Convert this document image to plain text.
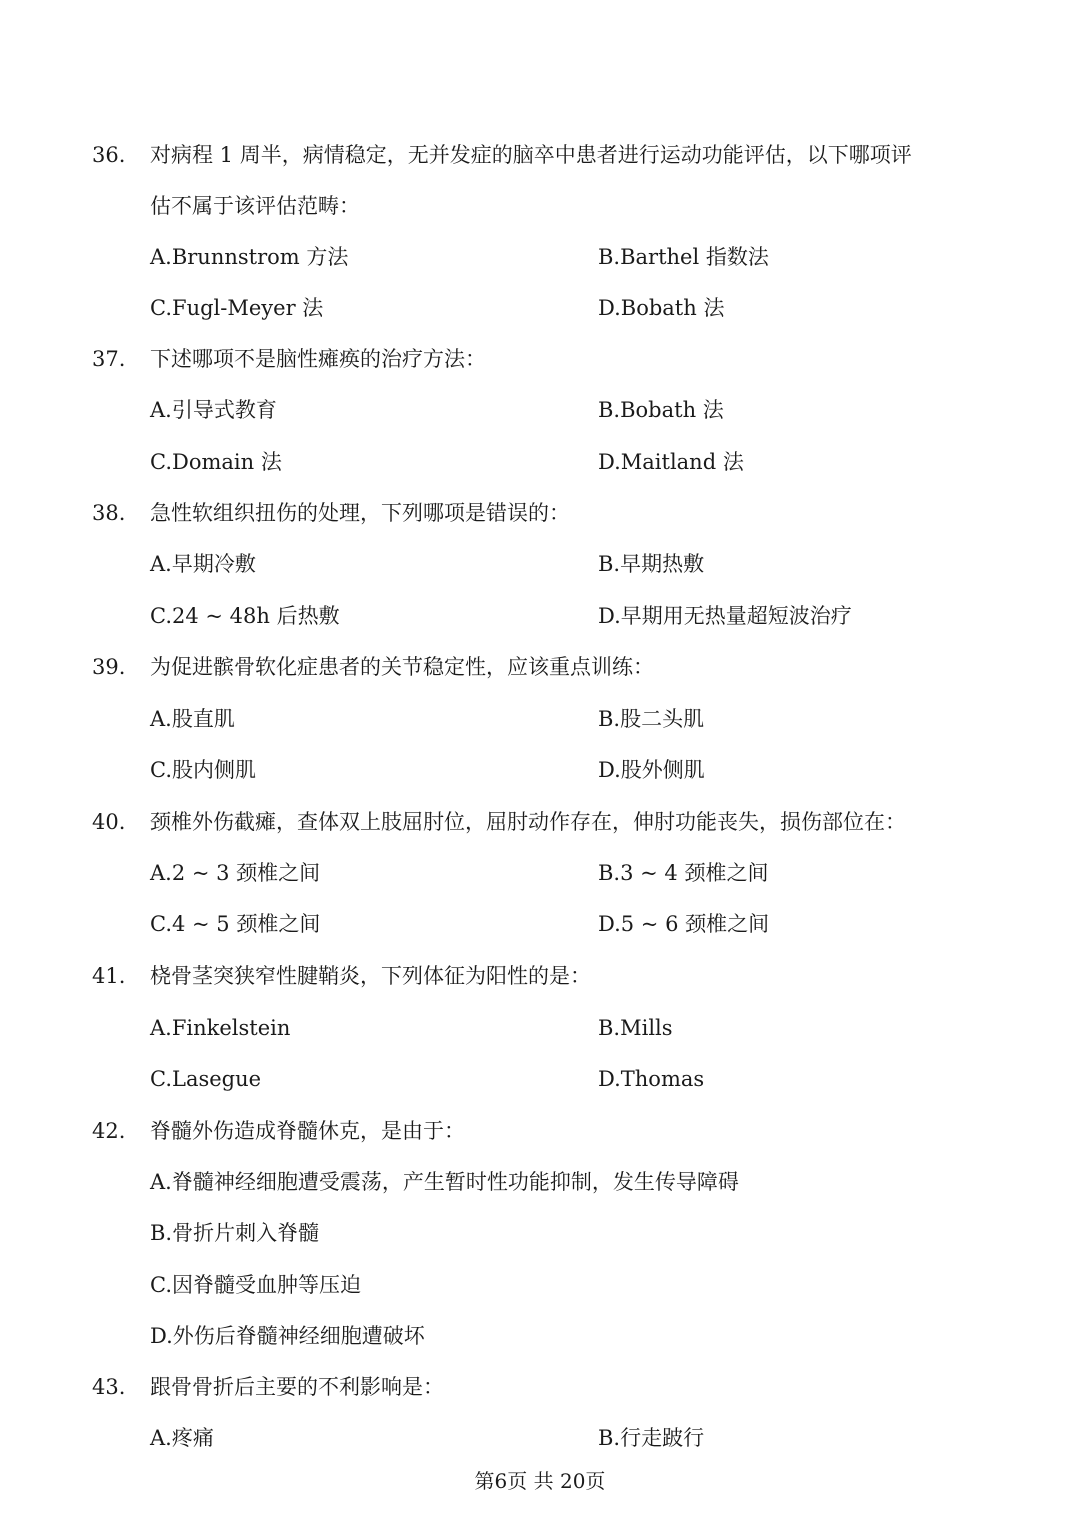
36. 对病程 1 周半，病情稳定，无并发症的脑卒中患者进行运动功能评估，以下哪项评
估不属于该评估范畴：
A.Brunnstrom 方法	B.Barthel 指数法
C.Fugl-Meyer 法	D.Bobath 法
37. 下述哪项不是脑性瘫痪的治疗方法：
A.引导式教育	B.Bobath 法
C.Domain 法	D.Maitland 法
38. 急性软组织扭伤的处理，下列哪项是错误的：
A.早期冷敷	B.早期热敷
C.24 ~ 48h 后热敷	D.早期用无热量超短波治疗
39. 为促进髌骨软化症患者的关节稳定性，应该重点训练：
A.股直肌	B.股二头肌
C.股内侧肌	D.股外侧肌
40. 颈椎外伤截瘫，查体双上肢屈肘位，屈肘动作存在，伸肘功能丧失，损伤部位在：
A.2 ~ 3 颈椎之间	B.3 ~ 4 颈椎之间
C.4 ~ 5 颈椎之间	D.5 ~ 6 颈椎之间
41. 桡骨茎突狭窄性腱鞘炎，下列体征为阳性的是：
A.Finkelstein	B.Mills
C.Lasegue	D.Thomas
42. 脊髓外伤造成脊髓休克，是由于：
A.脊髓神经细胞遭受震荡，产生暂时性功能抑制，发生传导障碍
B.骨折片刺入脊髓
C.因脊髓受血肿等压迫
D.外伤后脊髓神经细胞遭破坏
43. 跟骨骨折后主要的不利影响是：
A.疼痛	B.行走跛行
第6页 共 20页
